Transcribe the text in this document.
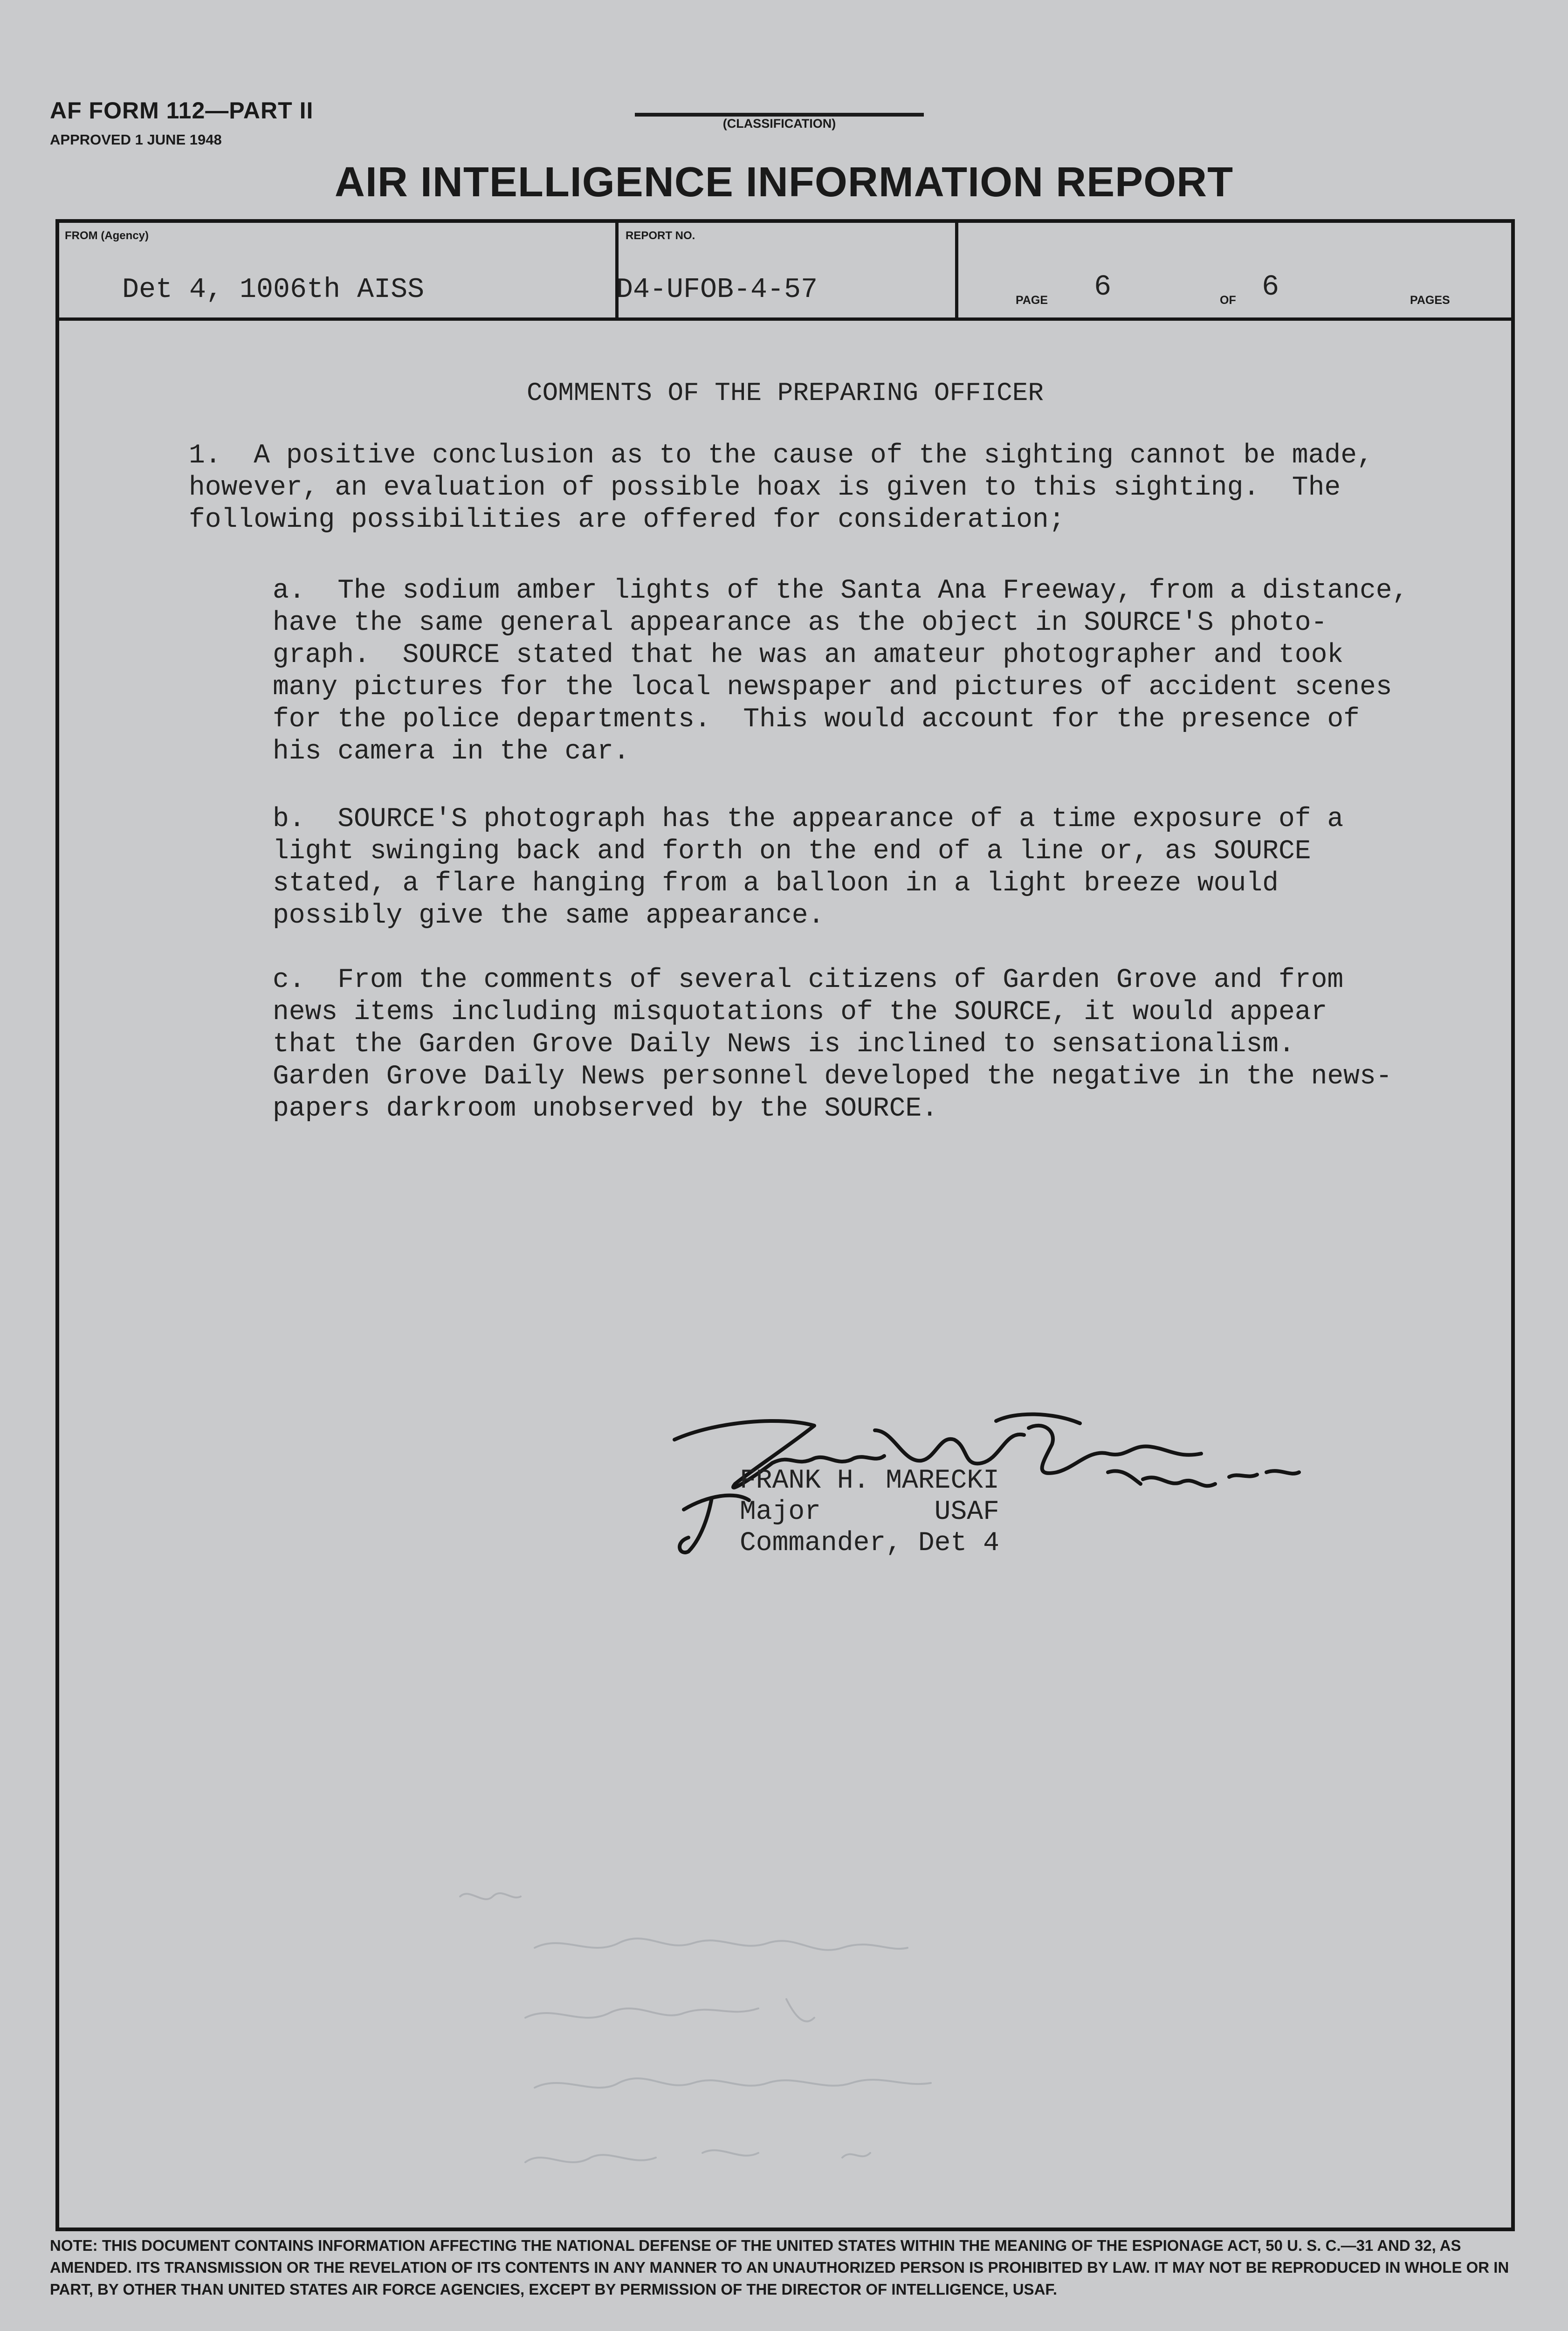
AF FORM 112—PART II
APPROVED 1 JUNE 1948
(CLASSIFICATION)
AIR INTELLIGENCE INFORMATION REPORT
FROM (Agency)
Det 4, 1006th AISS
REPORT NO.
D4-UFOB-4-57	PAGE 6	OF 6	PAGES
COMMENTS OF THE PREPARING OFFICER
1.  A positive conclusion as to the cause of the sighting cannot be made,
however, an evaluation of possible hoax is given to this sighting.  The
following possibilities are offered for consideration;
a.  The sodium amber lights of the Santa Ana Freeway, from a distance,
have the same general appearance as the object in SOURCE'S photo-
graph.  SOURCE stated that he was an amateur photographer and took
many pictures for the local newspaper and pictures of accident scenes
for the police departments.  This would account for the presence of
his camera in the car.
b.  SOURCE'S photograph has the appearance of a time exposure of a
light swinging back and forth on the end of a line or, as SOURCE
stated, a flare hanging from a balloon in a light breeze would
possibly give the same appearance.
c.  From the comments of several citizens of Garden Grove and from
news items including misquotations of the SOURCE, it would appear
that the Garden Grove Daily News is inclined to sensationalism.
Garden Grove Daily News personnel developed the negative in the news-
papers darkroom unobserved by the SOURCE.
FRANK H. MARECKI
Major       USAF
Commander, Det 4
NOTE: THIS DOCUMENT CONTAINS INFORMATION AFFECTING THE NATIONAL DEFENSE OF THE UNITED STATES WITHIN THE MEANING OF THE ESPIONAGE ACT, 50 U. S. C.—31 AND 32, AS AMENDED. ITS TRANSMISSION OR THE REVELATION OF ITS CONTENTS IN ANY MANNER TO AN UNAUTHORIZED PERSON IS PROHIBITED BY LAW. IT MAY NOT BE REPRODUCED IN WHOLE OR IN PART, BY OTHER THAN UNITED STATES AIR FORCE AGENCIES, EXCEPT BY PERMISSION OF THE DIRECTOR OF INTELLIGENCE, USAF.
